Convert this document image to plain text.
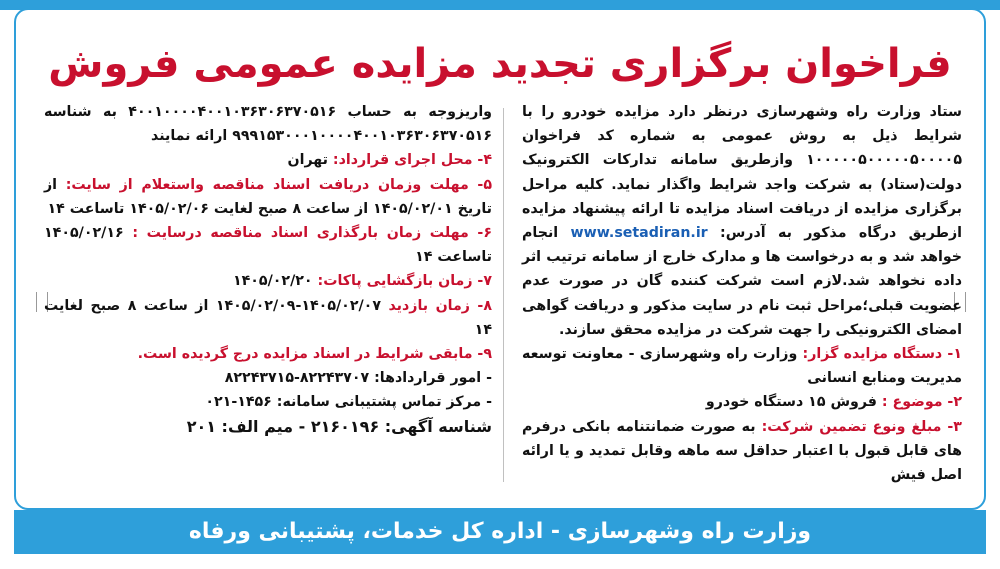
فراخوان برگزاری تجدید مزایده عمومی فروش

ستاد وزارت راه وشهرسازی درنظر دارد مزایده خودرو را با شرایط ذیل به روش عمومی به شماره کد فراخوان ۱۰۰۰۰۰۵۰۰۰۰۰۵۰۰۰۰۵ وازطریق سامانه تدارکات الکترونیک دولت(ستاد) به شرکت واجد شرایط واگذار نماید. کلیه مراحل برگزاری مزایده از دریافت اسناد مزایده تا ارائه پیشنهاد مزایده ازطریق درگاه مذکور به آدرس: www.setadiran.ir انجام خواهد شد و به درخواست ها و مدارک خارج از سامانه ترتیب اثر داده نخواهد شد.لازم است شرکت کننده گان در صورت عدم عضویت قبلی؛مراحل ثبت نام در سایت مذکور و دریافت گواهی امضای الکترونیکی را جهت شرکت در مزایده محقق سازند.

۱- دستگاه مزایده گزار: وزارت راه وشهرسازی - معاونت توسعه مدیریت ومنابع انسانی

۲- موضوع : فروش ۱۵ دستگاه خودرو

۳- مبلغ ونوع تضمین شرکت: به صورت ضمانتنامه بانکی درفرم های قابل قبول با اعتبار حداقل سه ماهه وقابل تمدید و یا ارائه اصل فیش

واریزوجه به حساب ۴۰۰۱۰۰۰۰۴۰۰۱۰۳۶۳۰۶۳۷۰۵۱۶ به شناسه ۹۹۹۱۵۳۰۰۰۱۰۰۰۰۴۰۰۱۰۳۶۳۰۶۳۷۰۵۱۶ ارائه نمایند

۴- محل اجرای قرارداد: تهران

۵- مهلت وزمان دریافت اسناد مناقصه واستعلام از سایت: از تاریخ ۱۴۰۵/۰۲/۰۱ از ساعت ۸ صبح لغایت ۱۴۰۵/۰۲/۰۶ تاساعت ۱۴

۶- مهلت زمان بارگذاری اسناد مناقصه درسایت : ۱۴۰۵/۰۲/۱۶ تاساعت ۱۴

۷- زمان بازگشایی پاکات: ۱۴۰۵/۰۲/۲۰

۸- زمان بازدید ۱۴۰۵/۰۲/۰۷-۱۴۰۵/۰۲/۰۹ از ساعت ۸ صبح لغایت ۱۴

۹- مابقی شرایط در اسناد مزایده درج گردیده است.

- امور قراردادها: ۸۲۲۴۳۷۰۷-۸۲۲۴۳۷۱۵

- مرکز تماس پشتیبانی سامانه: ۱۴۵۶-۰۲۱

شناسه آگهی: ۲۱۶۰۱۹۶ - میم الف: ۲۰۱

وزارت راه وشهرسازی - اداره کل خدمات، پشتیبانی ورفاه
